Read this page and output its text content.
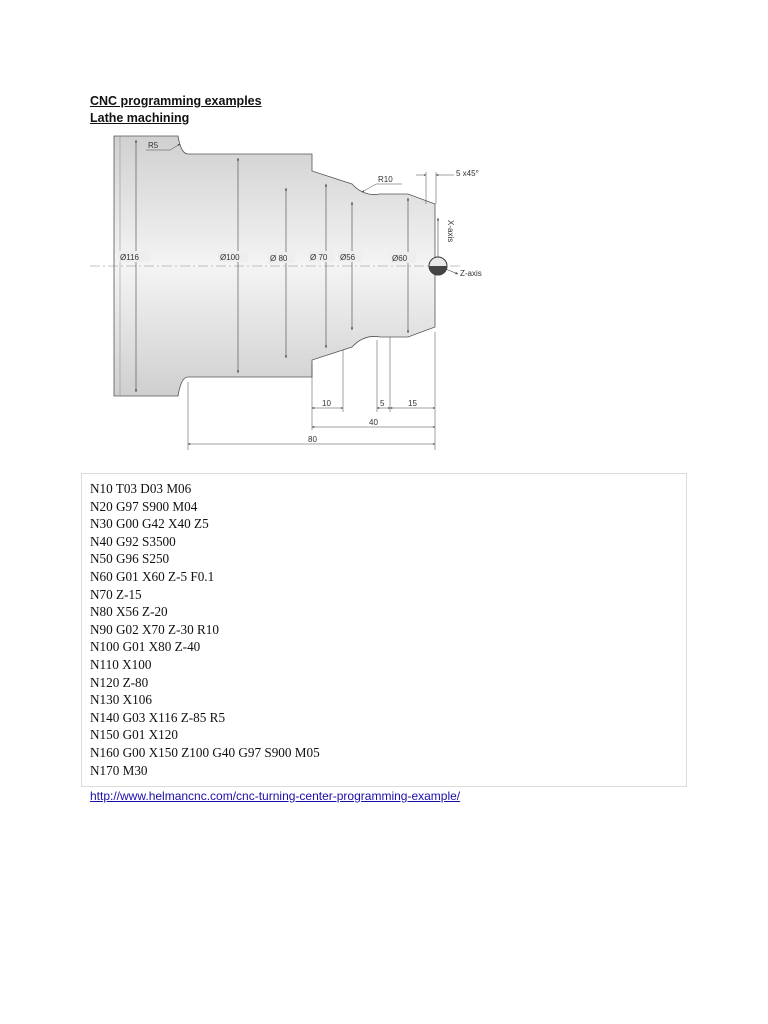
CNC programming examples
Lathe machining
Ø116	Ø100	Ø 80	Ø 70 Ø56	Ø60
R5
R10
5 x45°
X-axis
Z-axis
10	5	15
40
80
N10 T03 D03 M06
N20 G97 S900 M04
N30 G00 G42 X40 Z5
N40 G92 S3500
N50 G96 S250
N60 G01 X60 Z-5 F0.1
N70 Z-15
N80 X56 Z-20
N90 G02 X70 Z-30 R10
N100 G01 X80 Z-40
N110 X100
N120 Z-80
N130 X106
N140 G03 X116 Z-85 R5
N150 G01 X120
N160 G00 X150 Z100 G40 G97 S900 M05
N170 M30
http://www.helmancnc.com/cnc-turning-center-programming-example/
